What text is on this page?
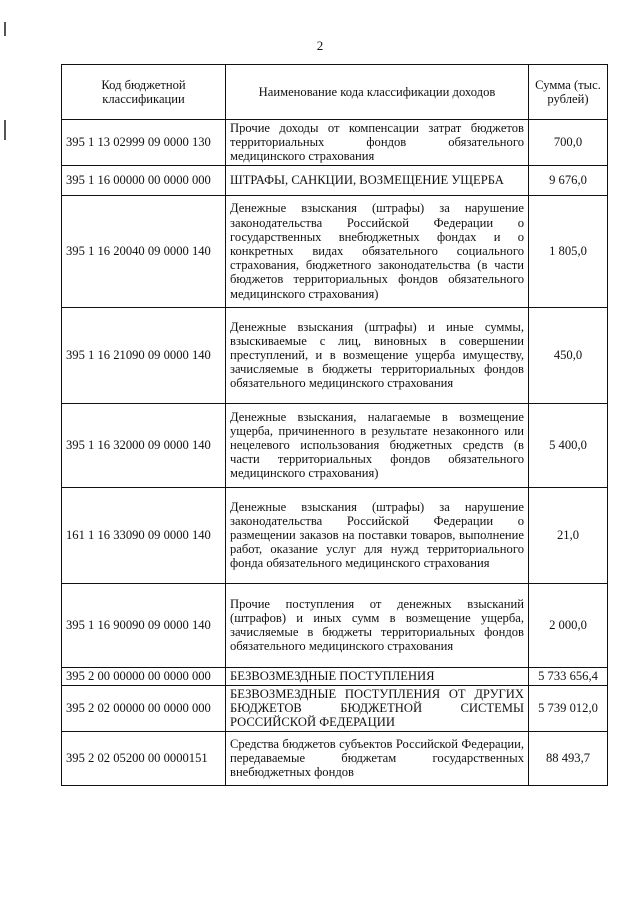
2
Код бюджетной классификации	Наименование кода классификации доходов	Сумма (тыс. рублей)
395 1 13 02999 09 0000 130	Прочие доходы от компенсации затрат бюджетов территориальных фондов обязательного медицинского страхования	700,0
395 1 16 00000 00 0000 000	ШТРАФЫ, САНКЦИИ, ВОЗМЕЩЕНИЕ УЩЕРБА	9 676,0
395 1 16 20040 09 0000 140	Денежные взыскания (штрафы) за нарушение законодательства Российской Федерации о государственных внебюджетных фондах и о конкретных видах обязательного социального страхования, бюджетного законодательства (в части бюджетов территориальных фондов обязательного медицинского страхования)	1 805,0
395 1 16 21090 09 0000 140	Денежные взыскания (штрафы) и иные суммы, взыскиваемые с лиц, виновных в совершении преступлений, и в возмещение ущерба имуществу, зачисляемые в бюджеты территориальных фондов обязательного медицинского страхования	450,0
395 1 16 32000 09 0000 140	Денежные взыскания, налагаемые в возмещение ущерба, причиненного в результате незаконного или нецелевого использования бюджетных средств (в части территориальных фондов обязательного медицинского страхования)	5 400,0
161 1 16 33090 09 0000 140	Денежные взыскания (штрафы) за нарушение законодательства Российской Федерации о размещении заказов на поставки товаров, выполнение работ, оказание услуг для нужд территориального фонда обязательного медицинского страхования	21,0
395 1 16 90090 09 0000 140	Прочие поступления от денежных взысканий (штрафов) и иных сумм в возмещение ущерба, зачисляемые в бюджеты территориальных фондов обязательного медицинского страхования	2 000,0
395 2 00 00000 00 0000 000	БЕЗВОЗМЕЗДНЫЕ ПОСТУПЛЕНИЯ	5 733 656,4
395 2 02 00000 00 0000 000	БЕЗВОЗМЕЗДНЫЕ ПОСТУПЛЕНИЯ ОТ ДРУГИХ БЮДЖЕТОВ БЮДЖЕТНОЙ СИСТЕМЫ РОССИЙСКОЙ ФЕДЕРАЦИИ	5 739 012,0
395 2 02 05200 00 0000151	Средства бюджетов субъектов Российской Федерации, передаваемые бюджетам государственных внебюджетных фондов	88 493,7
